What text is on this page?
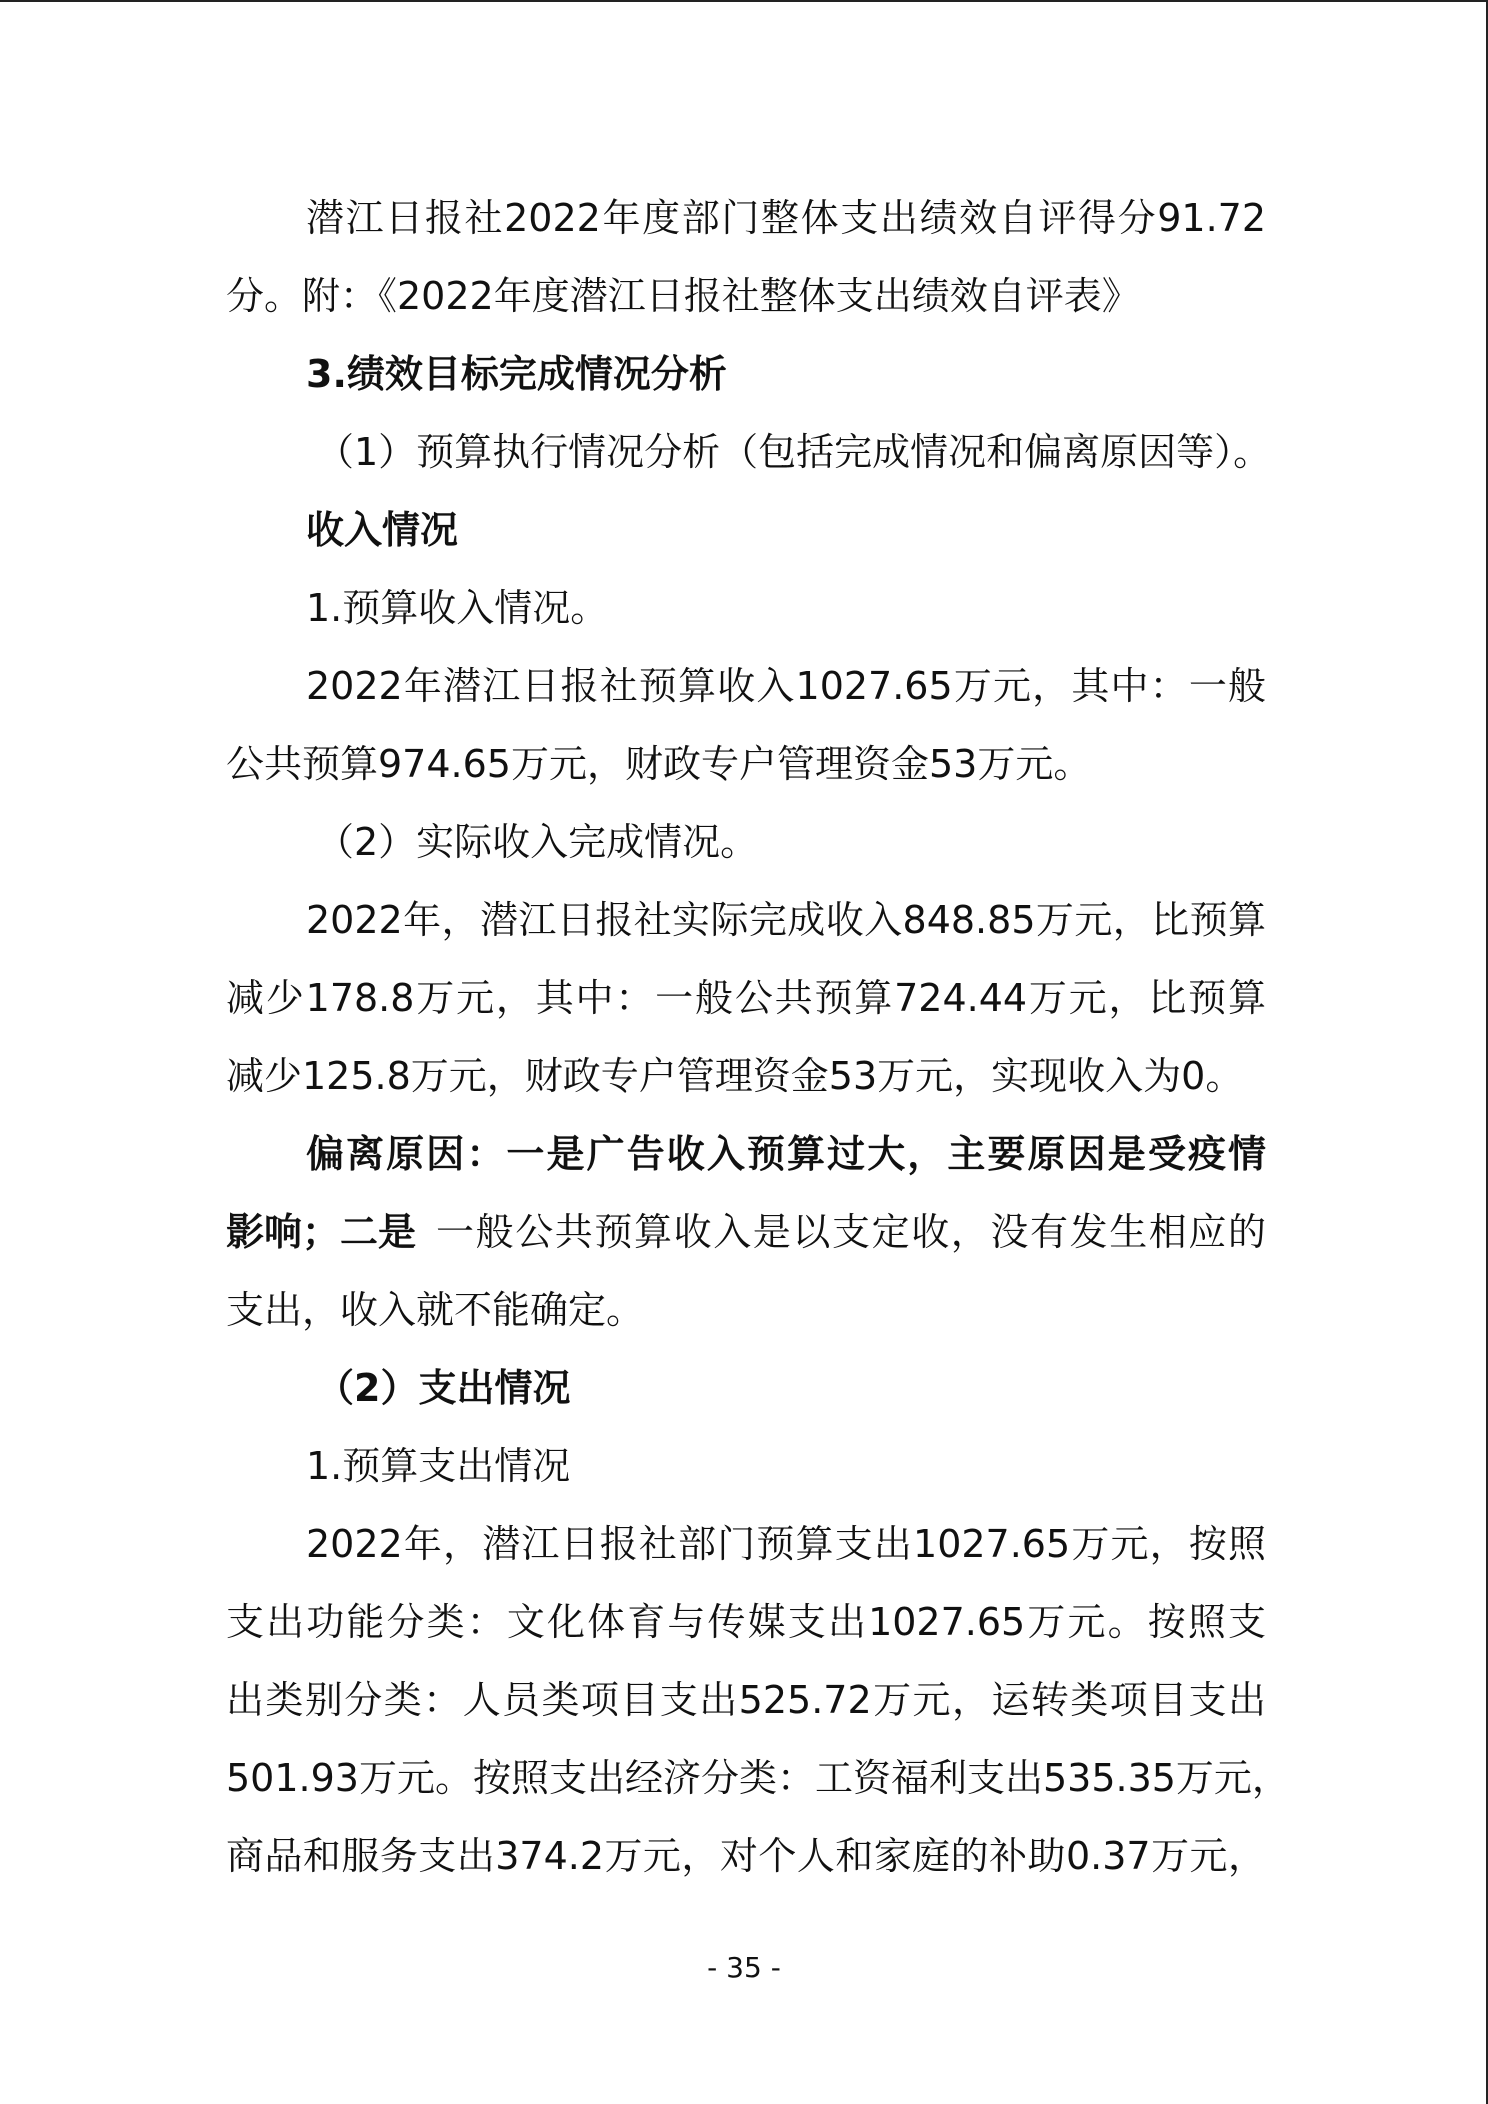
潜江日报社2022年度部门整体支出绩效自评得分91.72
分。附：《2022年度潜江日报社整体支出绩效自评表》
3.绩效目标完成情况分析
（1）预算执行情况分析（包括完成情况和偏离原因等）。
收入情况
1.预算收入情况。
2022年潜江日报社预算收入1027.65万元，其中：一般
公共预算974.65万元，财政专户管理资金53万元。
（2）实际收入完成情况。
2022年，潜江日报社实际完成收入848.85万元，比预算
减少178.8万元，其中：一般公共预算724.44万元，比预算
减少125.8万元，财政专户管理资金53万元，实现收入为0。
偏离原因：一是广告收入预算过大，主要原因是受疫情
影响；二是 一般公共预算收入是以支定收，没有发生相应的
支出，收入就不能确定。
（2）支出情况
1.预算支出情况
2022年，潜江日报社部门预算支出1027.65万元，按照
支出功能分类：文化体育与传媒支出1027.65万元。按照支
出类别分类：人员类项目支出525.72万元，运转类项目支出
501.93万元。按照支出经济分类：工资福利支出535.35万元，
商品和服务支出374.2万元，对个人和家庭的补助0.37万元，
- 35 -
